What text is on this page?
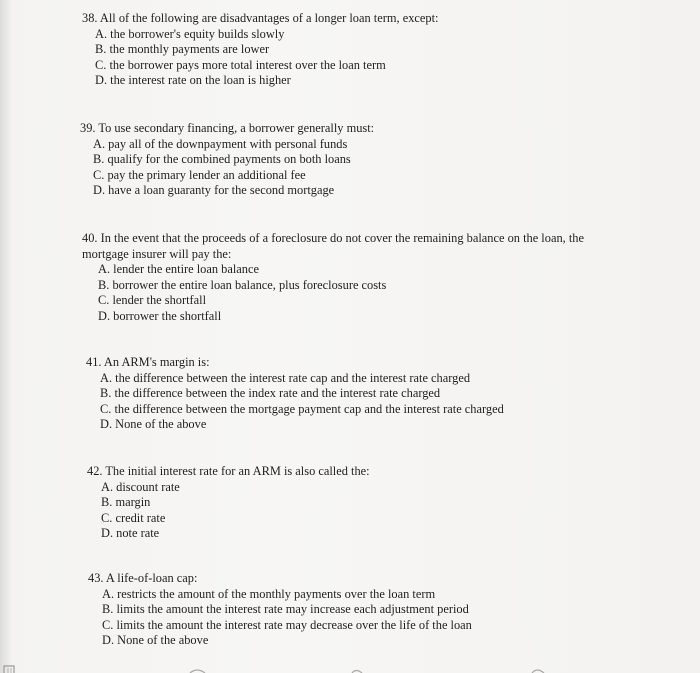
38. All of the following are disadvantages of a longer loan term, except:
A. the borrower's equity builds slowly
B. the monthly payments are lower
C. the borrower pays more total interest over the loan term
D. the interest rate on the loan is higher
39. To use secondary financing, a borrower generally must:
A. pay all of the downpayment with personal funds
B. qualify for the combined payments on both loans
C. pay the primary lender an additional fee
D. have a loan guaranty for the second mortgage
40. In the event that the proceeds of a foreclosure do not cover the remaining balance on the loan, the mortgage insurer will pay the:
A. lender the entire loan balance
B. borrower the entire loan balance, plus foreclosure costs
C. lender the shortfall
D. borrower the shortfall
41. An ARM's margin is:
A. the difference between the interest rate cap and the interest rate charged
B. the difference between the index rate and the interest rate charged
C. the difference between the mortgage payment cap and the interest rate charged
D. None of the above
42. The initial interest rate for an ARM is also called the:
A. discount rate
B. margin
C. credit rate
D. note rate
43. A life-of-loan cap:
A. restricts the amount of the monthly payments over the loan term
B. limits the amount the interest rate may increase each adjustment period
C. limits the amount the interest rate may decrease over the life of the loan
D. None of the above
